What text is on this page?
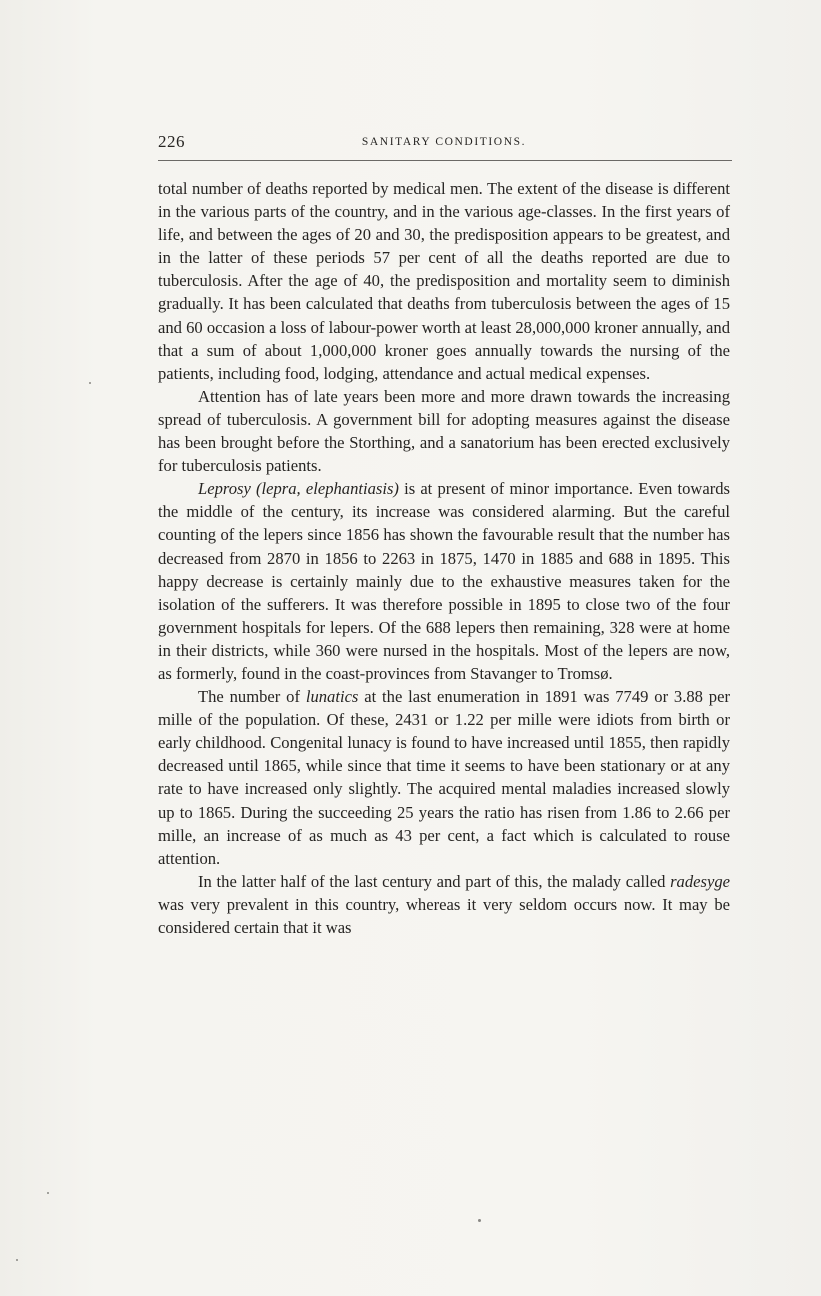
226	SANITARY CONDITIONS.

total number of deaths reported by medical men. The extent of the disease is different in the various parts of the country, and in the various age-classes. In the first years of life, and between the ages of 20 and 30, the predisposition appears to be greatest, and in the latter of these periods 57 per cent of all the deaths reported are due to tuberculosis. After the age of 40, the predisposition and mortality seem to diminish gradually. It has been calculated that deaths from tuberculosis between the ages of 15 and 60 occasion a loss of labour-power worth at least 28,000,000 kroner annually, and that a sum of about 1,000,000 kroner goes annually towards the nursing of the patients, including food, lodging, attendance and actual medical expenses.

Attention has of late years been more and more drawn towards the increasing spread of tuberculosis. A government bill for adopting measures against the disease has been brought before the Storthing, and a sanatorium has been erected exclusively for tuberculosis patients.

Leprosy (lepra, elephantiasis) is at present of minor importance. Even towards the middle of the century, its increase was considered alarming. But the careful counting of the lepers since 1856 has shown the favourable result that the number has decreased from 2870 in 1856 to 2263 in 1875, 1470 in 1885 and 688 in 1895. This happy decrease is certainly mainly due to the exhaustive measures taken for the isolation of the sufferers. It was therefore possible in 1895 to close two of the four government hospitals for lepers. Of the 688 lepers then remaining, 328 were at home in their districts, while 360 were nursed in the hospitals. Most of the lepers are now, as formerly, found in the coast-provinces from Stavanger to Tromsø.

The number of lunatics at the last enumeration in 1891 was 7749 or 3.88 per mille of the population. Of these, 2431 or 1.22 per mille were idiots from birth or early childhood. Congenital lunacy is found to have increased until 1855, then rapidly decreased until 1865, while since that time it seems to have been stationary or at any rate to have increased only slightly. The acquired mental maladies increased slowly up to 1865. During the succeeding 25 years the ratio has risen from 1.86 to 2.66 per mille, an increase of as much as 43 per cent, a fact which is calculated to rouse attention.

In the latter half of the last century and part of this, the malady called radesyge was very prevalent in this country, whereas it very seldom occurs now. It may be considered certain that it was
